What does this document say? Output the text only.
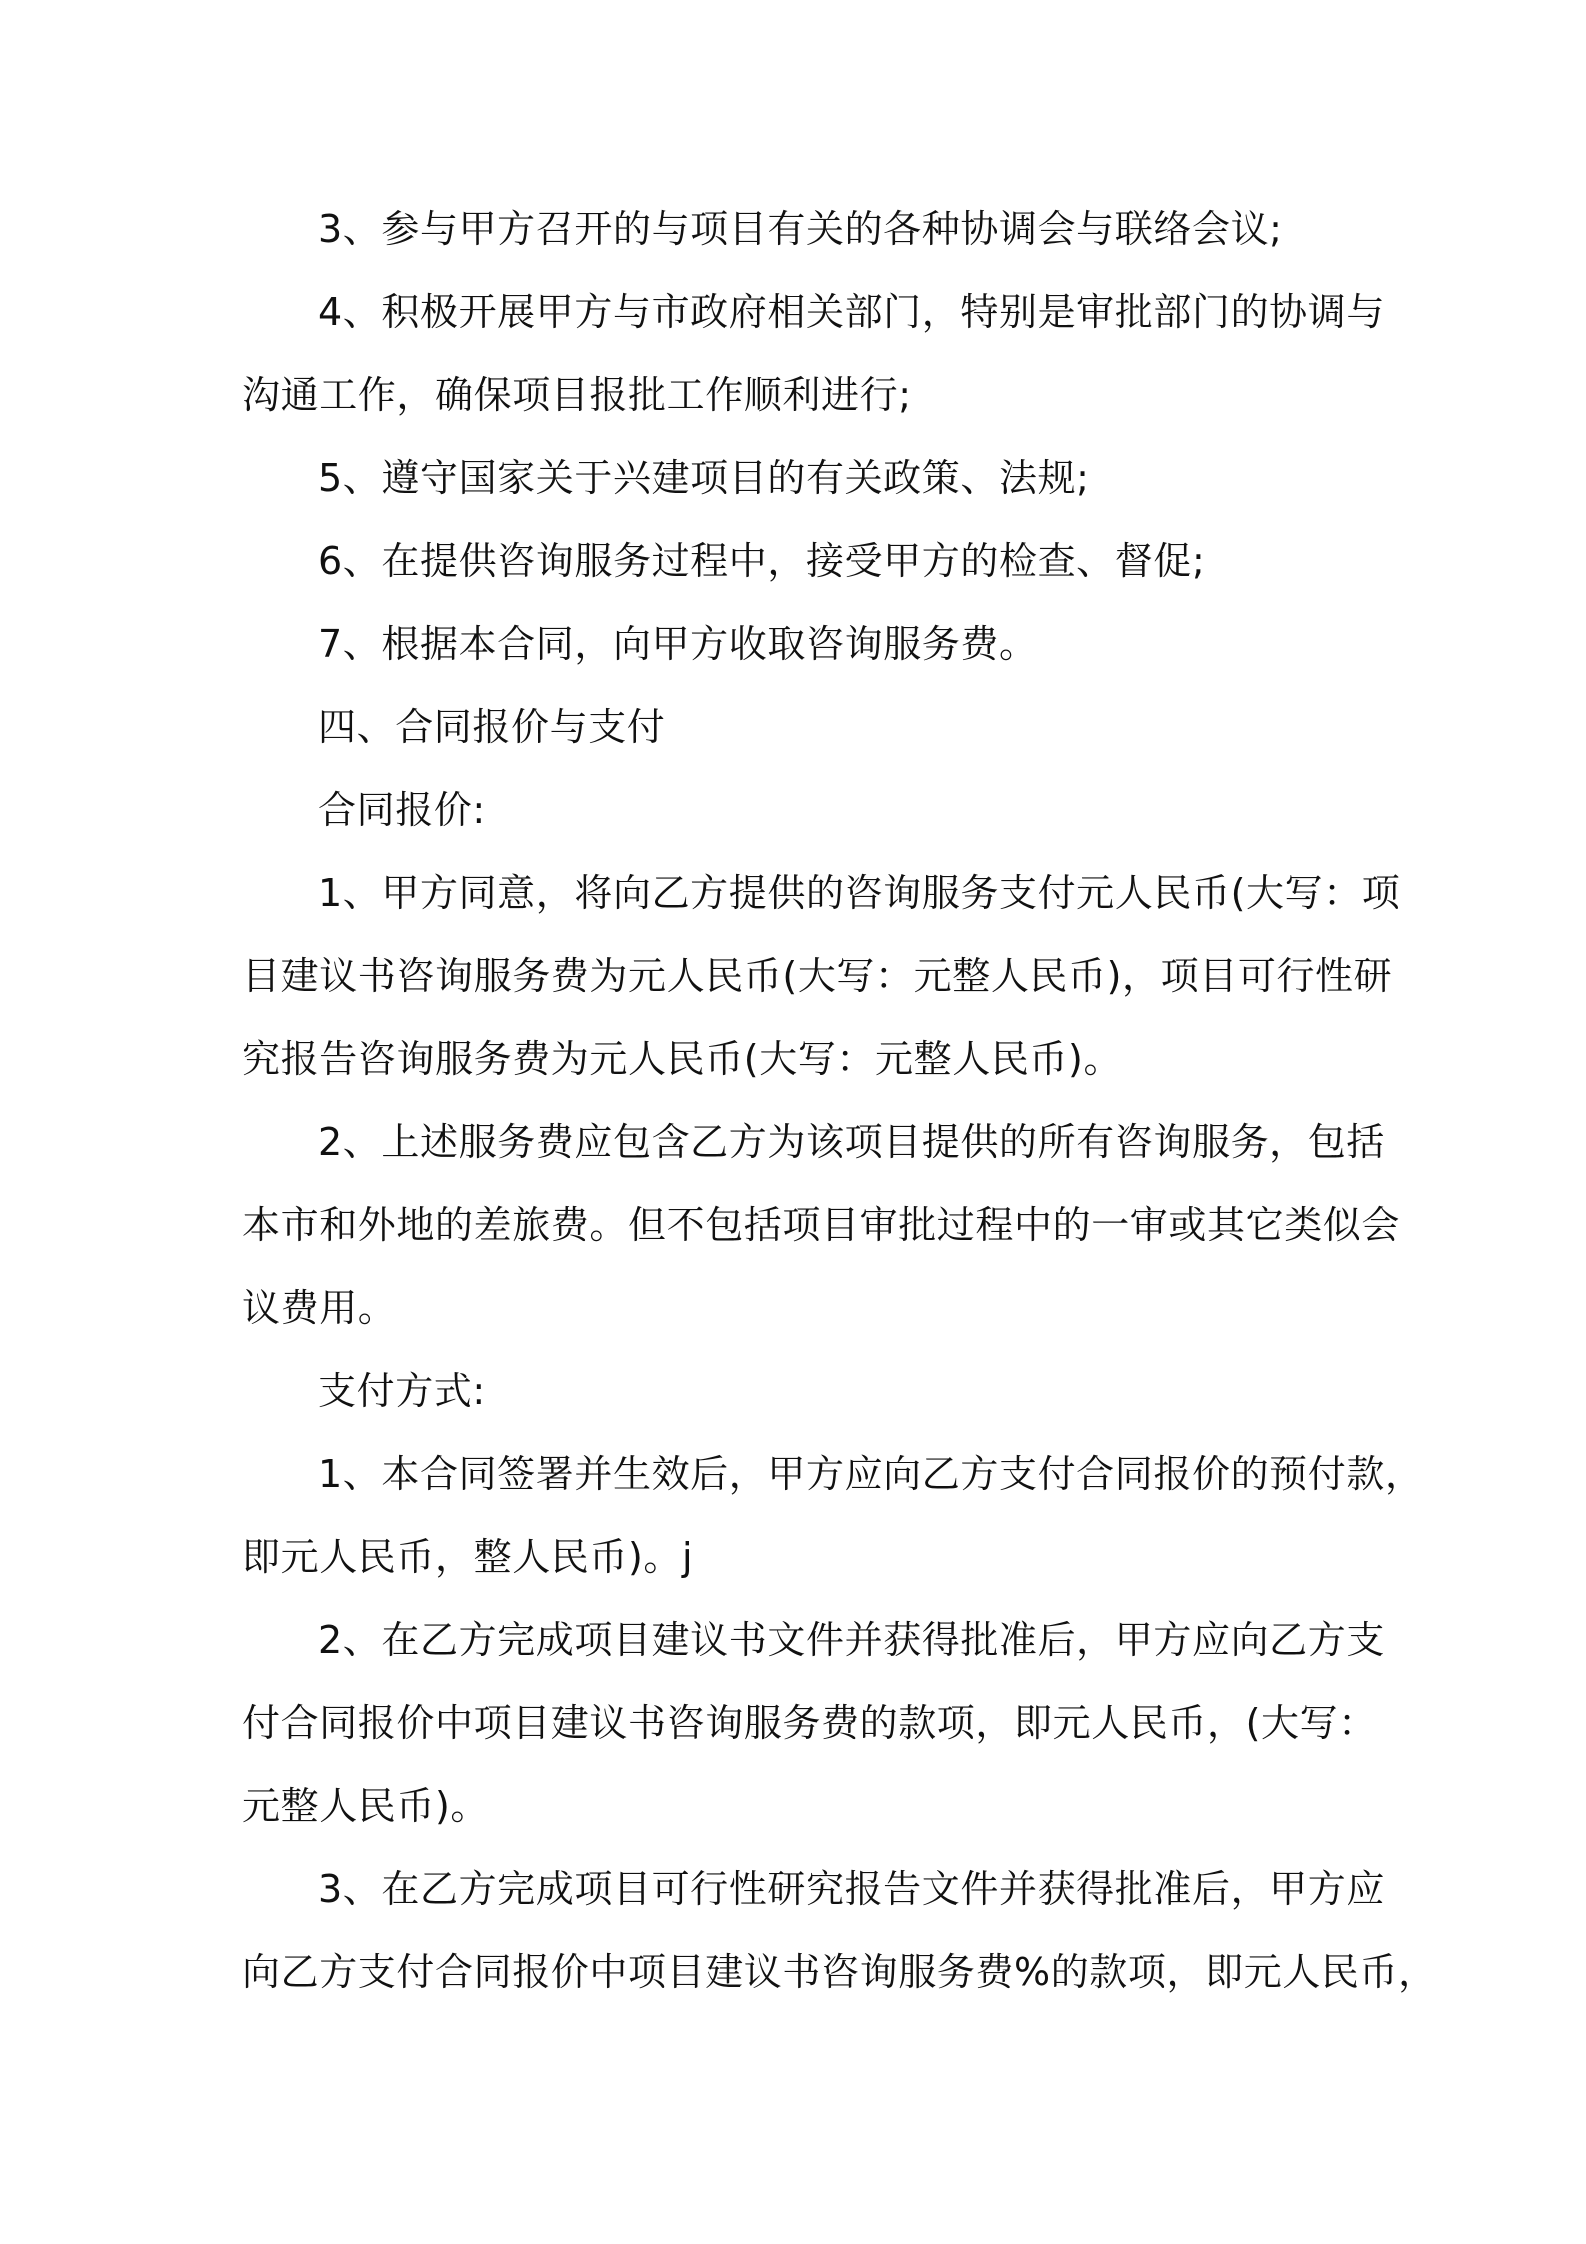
3、参与甲方召开的与项目有关的各种协调会与联络会议;
4、积极开展甲方与市政府相关部门，特别是审批部门的协调与
沟通工作，确保项目报批工作顺利进行;
5、遵守国家关于兴建项目的有关政策、法规;
6、在提供咨询服务过程中，接受甲方的检查、督促;
7、根据本合同，向甲方收取咨询服务费。
四、合同报价与支付
合同报价:
1、甲方同意，将向乙方提供的咨询服务支付元人民币(大写：项
目建议书咨询服务费为元人民币(大写：元整人民币)，项目可行性研
究报告咨询服务费为元人民币(大写：元整人民币)。
2、上述服务费应包含乙方为该项目提供的所有咨询服务，包括
本市和外地的差旅费。但不包括项目审批过程中的一审或其它类似会
议费用。
支付方式:
1、本合同签署并生效后，甲方应向乙方支付合同报价的预付款，
即元人民币，整人民币)。j
2、在乙方完成项目建议书文件并获得批准后，甲方应向乙方支
付合同报价中项目建议书咨询服务费的款项，即元人民币，(大写：
元整人民币)。
3、在乙方完成项目可行性研究报告文件并获得批准后，甲方应
向乙方支付合同报价中项目建议书咨询服务费%的款项，即元人民币，
